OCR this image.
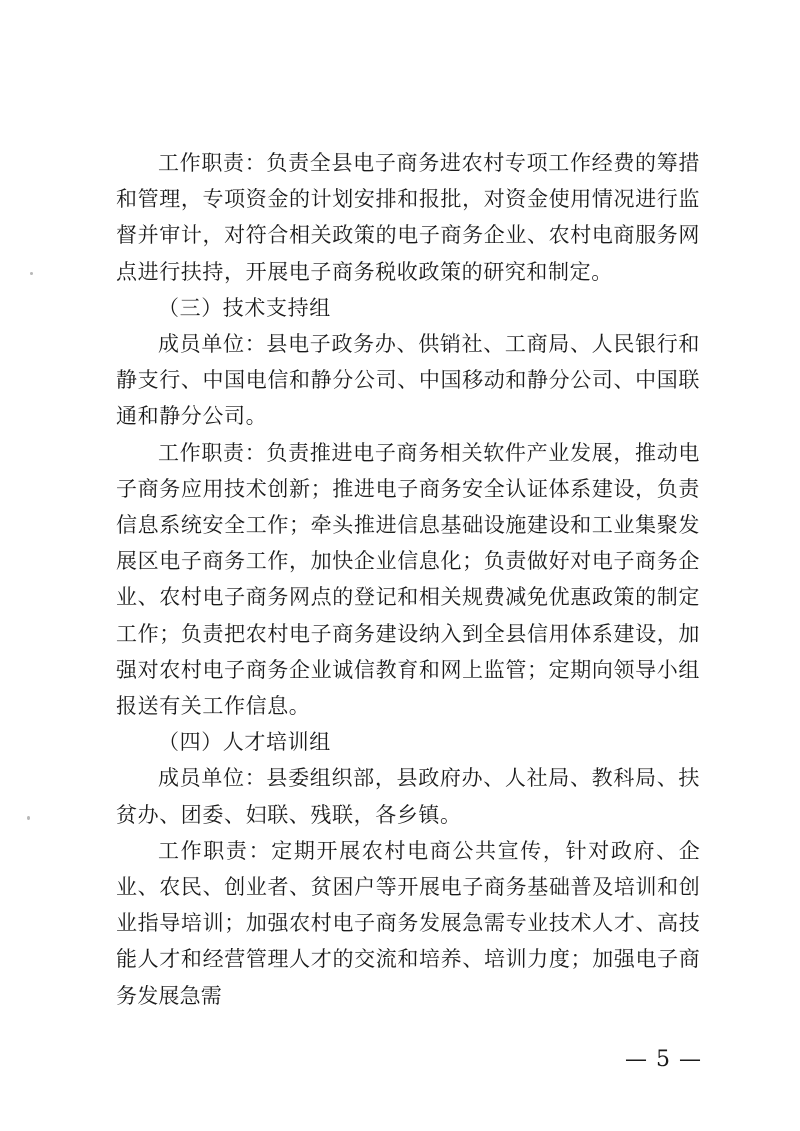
工作职责：负责全县电子商务进农村专项工作经费的筹措和管理，专项资金的计划安排和报批，对资金使用情况进行监督并审计，对符合相关政策的电子商务企业、农村电商服务网点进行扶持，开展电子商务税收政策的研究和制定。

（三）技术支持组

成员单位：县电子政务办、供销社、工商局、人民银行和静支行、中国电信和静分公司、中国移动和静分公司、中国联通和静分公司。

工作职责：负责推进电子商务相关软件产业发展，推动电子商务应用技术创新；推进电子商务安全认证体系建设，负责信息系统安全工作；牵头推进信息基础设施建设和工业集聚发展区电子商务工作，加快企业信息化；负责做好对电子商务企业、农村电子商务网点的登记和相关规费减免优惠政策的制定工作；负责把农村电子商务建设纳入到全县信用体系建设，加强对农村电子商务企业诚信教育和网上监管；定期向领导小组报送有关工作信息。

（四）人才培训组

成员单位：县委组织部，县政府办、人社局、教科局、扶贫办、团委、妇联、残联，各乡镇。

工作职责：定期开展农村电商公共宣传，针对政府、企业、农民、创业者、贫困户等开展电子商务基础普及培训和创业指导培训；加强农村电子商务发展急需专业技术人才、高技能人才和经营管理人才的交流和培养、培训力度；加强电子商务发展急需

— 5 —
